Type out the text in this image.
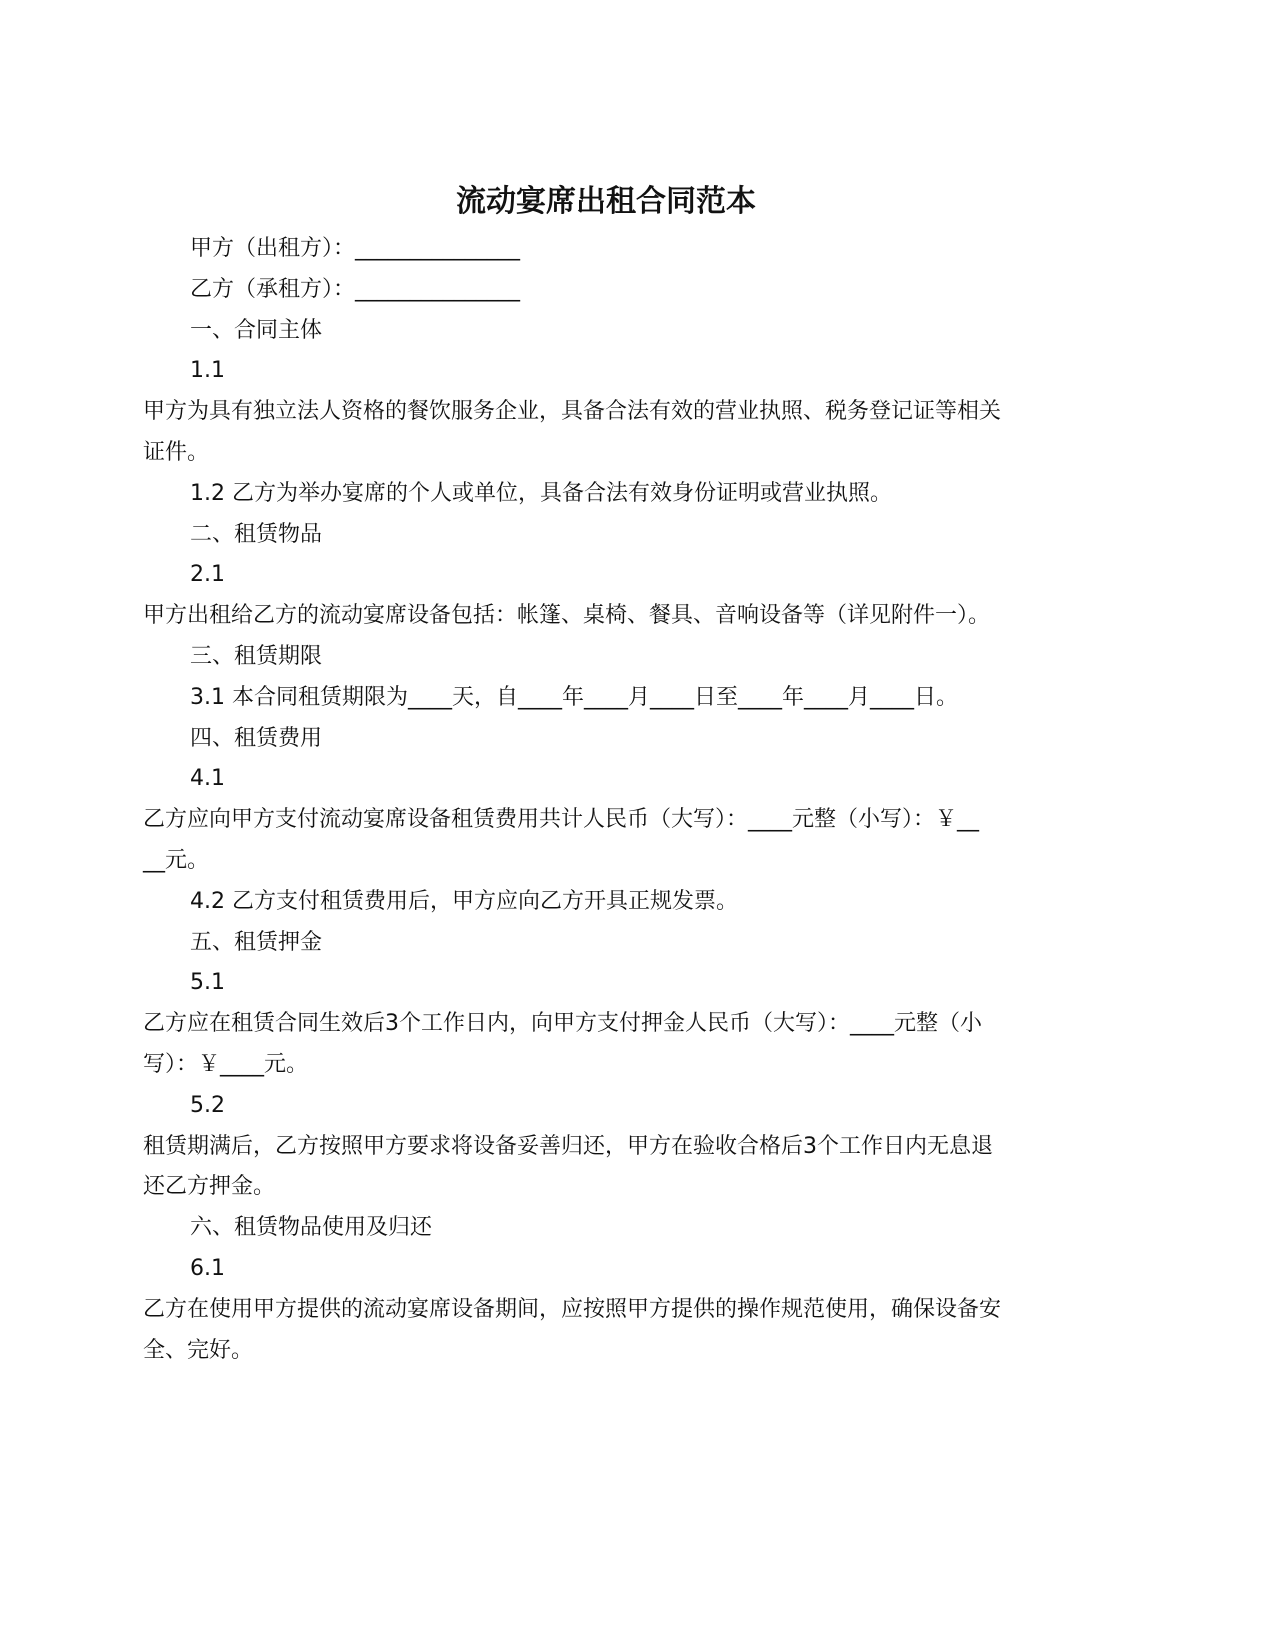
流动宴席出租合同范本
甲方（出租方）：_______________
乙方（承租方）：_______________
一、合同主体
1.1
甲方为具有独立法人资格的餐饮服务企业，具备合法有效的营业执照、税务登记证等相关
证件。
1.2 乙方为举办宴席的个人或单位，具备合法有效身份证明或营业执照。
二、租赁物品
2.1
甲方出租给乙方的流动宴席设备包括：帐篷、桌椅、餐具、音响设备等（详见附件一）。
三、租赁期限
3.1 本合同租赁期限为____天，自____年____月____日至____年____月____日。
四、租赁费用
4.1
乙方应向甲方支付流动宴席设备租赁费用共计人民币（大写）：____元整（小写）：￥__
__元。
4.2 乙方支付租赁费用后，甲方应向乙方开具正规发票。
五、租赁押金
5.1
乙方应在租赁合同生效后3个工作日内，向甲方支付押金人民币（大写）：____元整（小
写）：￥____元。
5.2
租赁期满后，乙方按照甲方要求将设备妥善归还，甲方在验收合格后3个工作日内无息退
还乙方押金。
六、租赁物品使用及归还
6.1
乙方在使用甲方提供的流动宴席设备期间，应按照甲方提供的操作规范使用，确保设备安
全、完好。
